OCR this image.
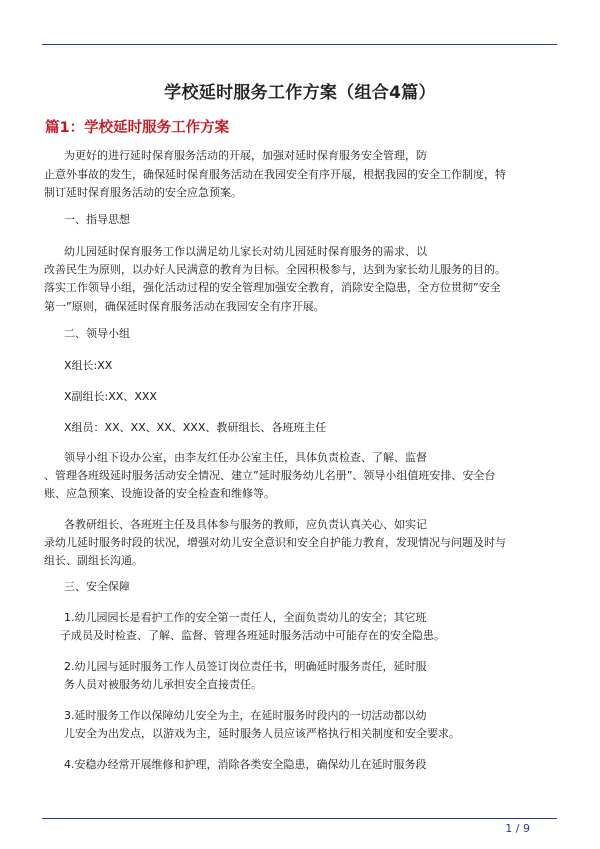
学校延时服务工作方案（组合4篇）
篇1：学校延时服务工作方案
为更好的进行延时保育服务活动的开展，加强对延时保育服务安全管理，防
止意外事故的发生，确保延时保育服务活动在我园安全有序开展，根据我园的安全工作制度，特
制订延时保育服务活动的安全应急预案。
一、指导思想
幼儿园延时保育服务工作以满足幼儿家长对幼儿园延时保育服务的需求、以
改善民生为原则，以办好人民满意的教育为目标。全园积极参与，达到为家长幼儿服务的目的。
落实工作领导小组，强化活动过程的安全管理加强安全教育，消除安全隐患，全方位贯彻”安全
第一”原则，确保延时保育服务活动在我园安全有序开展。
二、领导小组
X组长:XX
X副组长:XX、XXX
X组员：XX、XX、XX、XXX、教研组长、各班班主任
领导小组下设办公室，由李友红任办公室主任，具体负责检查、了解、监督
、管理各班级延时服务活动安全情况、建立”延时服务幼儿名册”、领导小组值班安排、安全台
账、应急预案、设施设备的安全检查和维修等。
各教研组长、各班班主任及具体参与服务的教师，应负责认真关心、如实记
录幼儿延时服务时段的状况，增强对幼儿安全意识和安全自护能力教育，发现情况与问题及时与
组长、副组长沟通。
三、安全保障
1.幼儿园园长是看护工作的安全第一责任人，全面负责幼儿的安全；其它班
子成员及时检查、了解、监督、管理各班延时服务活动中可能存在的安全隐患。
2.幼儿园与延时服务工作人员签订岗位责任书，明确延时服务责任，延时服
务人员对被服务幼儿承担安全直接责任。
3.延时服务工作以保障幼儿安全为主，在延时服务时段内的一切活动都以幼
儿安全为出发点，以游戏为主，延时服务人员应该严格执行相关制度和安全要求。
4.安稳办经常开展维修和护理，消除各类安全隐患，确保幼儿在延时服务段
1 / 9
